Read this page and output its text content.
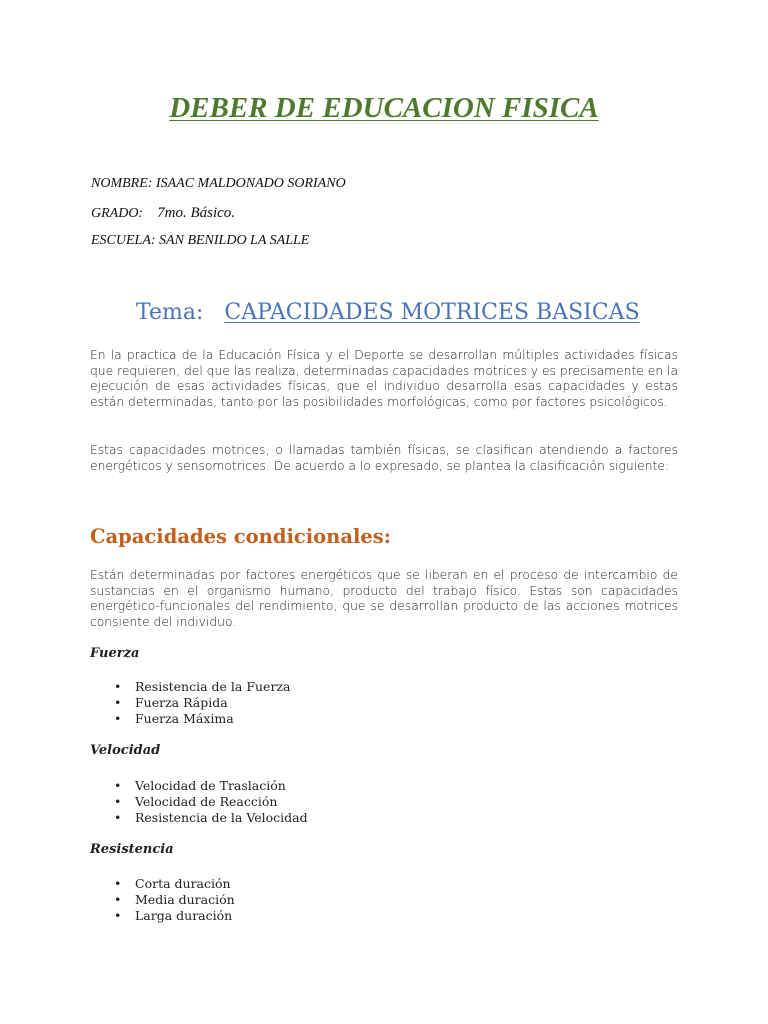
DEBER DE EDUCACION FISICA
NOMBRE: ISAAC MALDONADO SORIANO
GRADO: 7mo. Básico.
ESCUELA: SAN BENILDO LA SALLE
Tema: CAPACIDADES MOTRICES BASICAS
En la practica de la Educación Física y el Deporte se desarrollan múltiples actividades físicas que requieren, del que las realiza, determinadas capacidades motrices y es precisamente en la ejecución de esas actividades físicas, que el individuo desarrolla esas capacidades y estas están determinadas, tanto por las posibilidades morfológicas, como por factores psicológicos.
Estas capacidades motrices, o llamadas también físicas, se clasifican atendiendo a factores energéticos y sensomotrices. De acuerdo a lo expresado, se plantea la clasificación siguiente:
Capacidades condicionales:
Están determinadas por factores energéticos que se liberan en el proceso de intercambio de sustancias en el organismo humano, producto del trabajo físico. Estas son capacidades energético-funcionales del rendimiento, que se desarrollan producto de las acciones motrices consiente del individuo.
Fuerza
• Resistencia de la Fuerza
• Fuerza Rápida
• Fuerza Máxima
Velocidad
• Velocidad de Traslación
• Velocidad de Reacción
• Resistencia de la Velocidad
Resistencia
• Corta duración
• Media duración
• Larga duración
